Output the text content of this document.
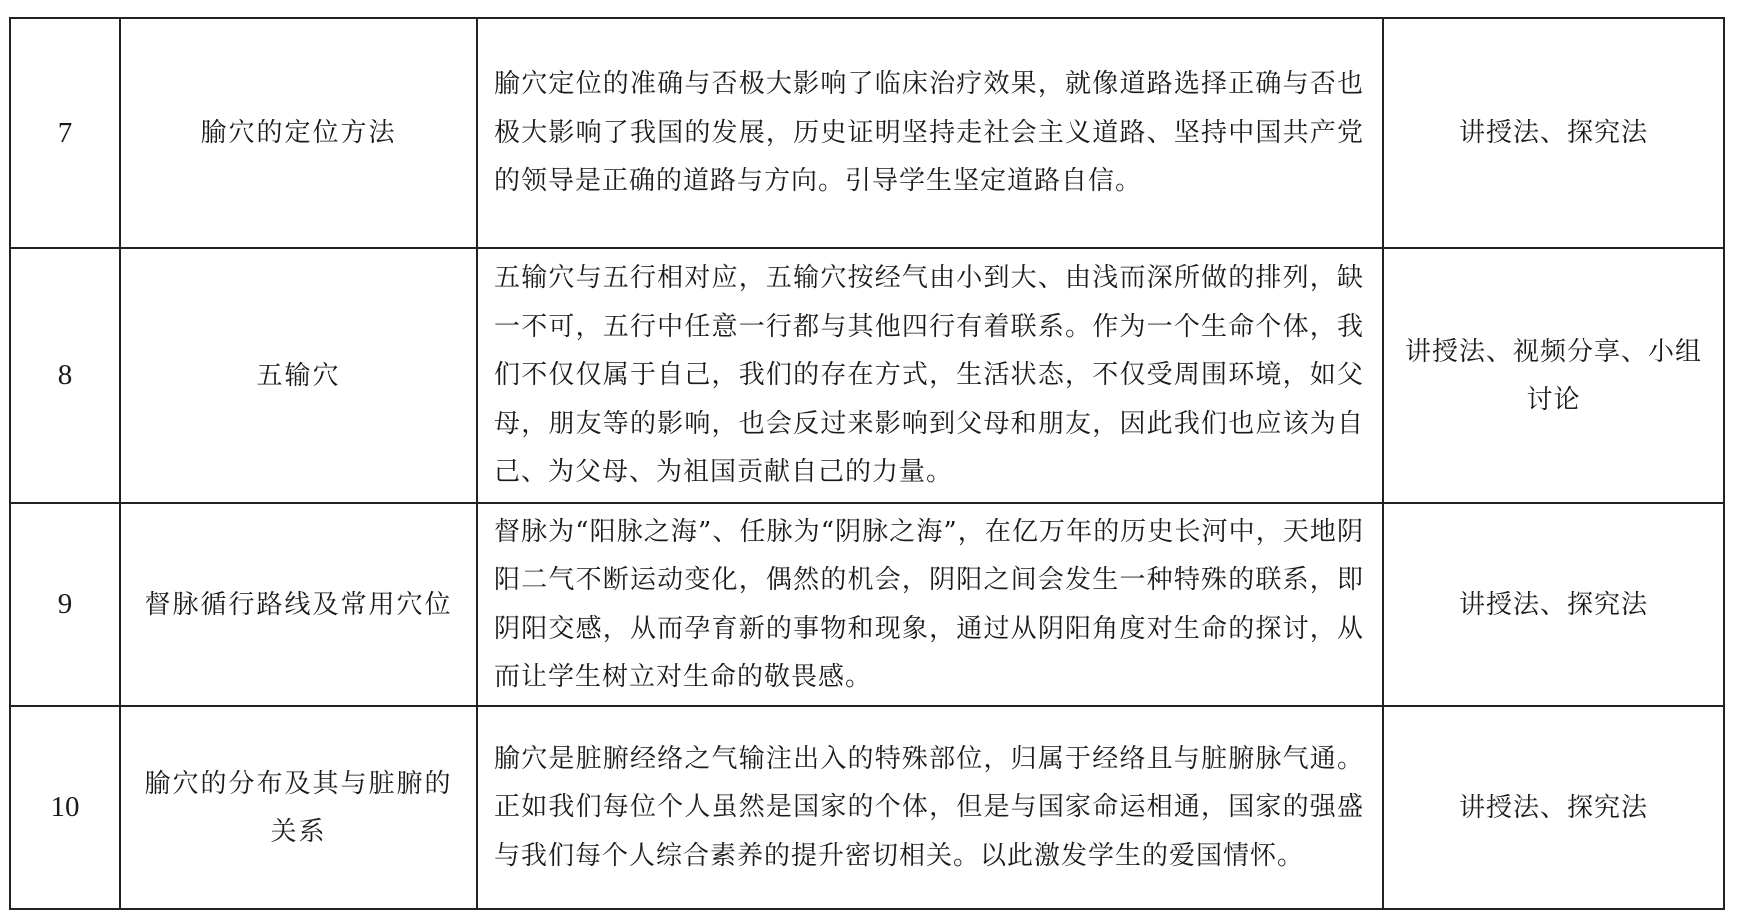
7	腧穴的定位方法	腧穴定位的准确与否极大影响了临床治疗效果，就像道路选择正确与否也极大影响了我国的发展，历史证明坚持走社会主义道路、坚持中国共产党的领导是正确的道路与方向。引导学生坚定道路自信。	讲授法、探究法
8	五输穴	五输穴与五行相对应，五输穴按经气由小到大、由浅而深所做的排列，缺一不可，五行中任意一行都与其他四行有着联系。作为一个生命个体，我们不仅仅属于自己，我们的存在方式，生活状态，不仅受周围环境，如父母，朋友等的影响，也会反过来影响到父母和朋友，因此我们也应该为自己、为父母、为祖国贡献自己的力量。	讲授法、视频分享、小组讨论
9	督脉循行路线及常用穴位	督脉为“阳脉之海”、任脉为“阴脉之海”，在亿万年的历史长河中，天地阴阳二气不断运动变化，偶然的机会，阴阳之间会发生一种特殊的联系，即阴阳交感，从而孕育新的事物和现象，通过从阴阳角度对生命的探讨，从而让学生树立对生命的敬畏感。	讲授法、探究法
10	腧穴的分布及其与脏腑的关系	腧穴是脏腑经络之气输注出入的特殊部位，归属于经络且与脏腑脉气通。正如我们每位个人虽然是国家的个体，但是与国家命运相通，国家的强盛与我们每个人综合素养的提升密切相关。以此激发学生的爱国情怀。	讲授法、探究法
